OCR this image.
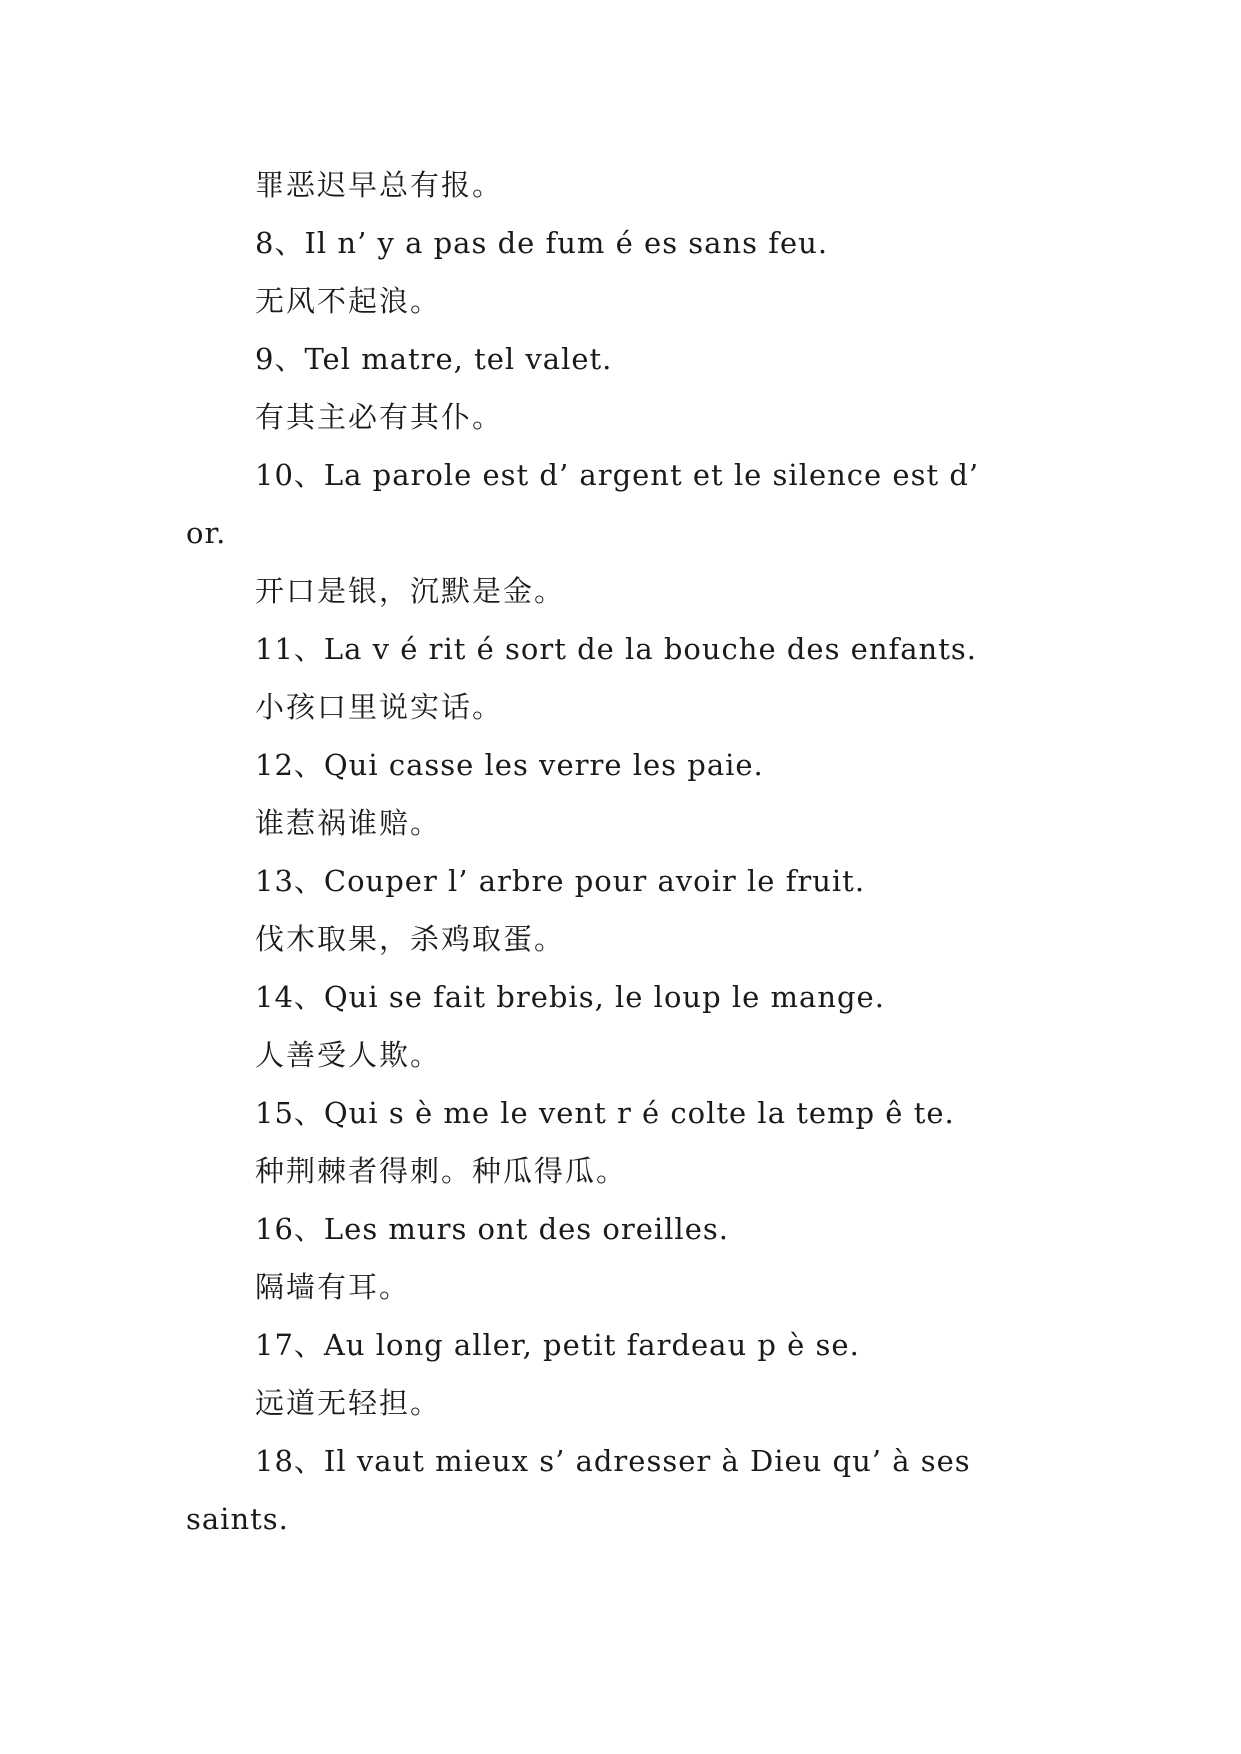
罪恶迟早总有报。
8、Il n’ y a pas de fum é es sans feu.
无风不起浪。
9、Tel matre, tel valet.
有其主必有其仆。
10、La parole est d’ argent et le silence est d’
or.
开口是银，沉默是金。
11、La v é rit é sort de la bouche des enfants.
小孩口里说实话。
12、Qui casse les verre les paie.
谁惹祸谁赔。
13、Couper l’ arbre pour avoir le fruit.
伐木取果，杀鸡取蛋。
14、Qui se fait brebis, le loup le mange.
人善受人欺。
15、Qui s è me le vent r é colte la temp ê te.
种荆棘者得刺。种瓜得瓜。
16、Les murs ont des oreilles.
隔墙有耳。
17、Au long aller, petit fardeau p è se.
远道无轻担。
18、Il vaut mieux s’ adresser à Dieu qu’ à ses
saints.
